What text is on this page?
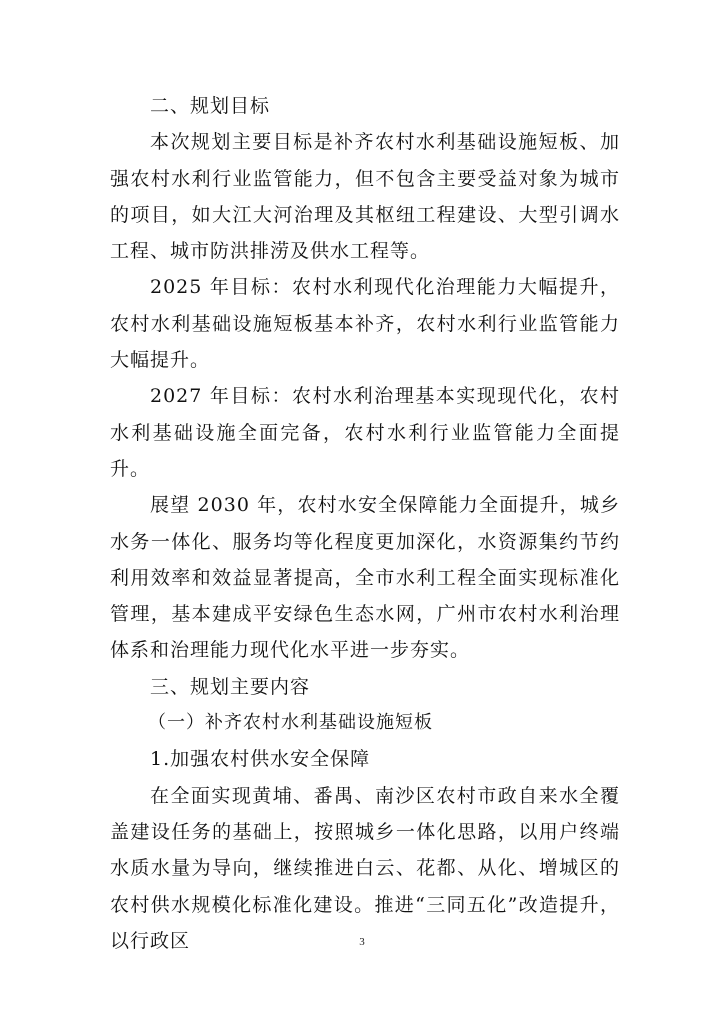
二、规划目标

本次规划主要目标是补齐农村水利基础设施短板、加强农村水利行业监管能力，但不包含主要受益对象为城市的项目，如大江大河治理及其枢纽工程建设、大型引调水工程、城市防洪排涝及供水工程等。

2025 年目标：农村水利现代化治理能力大幅提升，农村水利基础设施短板基本补齐，农村水利行业监管能力大幅提升。

2027 年目标：农村水利治理基本实现现代化，农村水利基础设施全面完备，农村水利行业监管能力全面提升。

展望 2030 年，农村水安全保障能力全面提升，城乡水务一体化、服务均等化程度更加深化，水资源集约节约利用效率和效益显著提高，全市水利工程全面实现标准化管理，基本建成平安绿色生态水网，广州市农村水利治理体系和治理能力现代化水平进一步夯实。

三、规划主要内容

（一）补齐农村水利基础设施短板

1.加强农村供水安全保障

在全面实现黄埔、番禺、南沙区农村市政自来水全覆盖建设任务的基础上，按照城乡一体化思路，以用户终端水质水量为导向，继续推进白云、花都、从化、增城区的农村供水规模化标准化建设。推进“三同五化”改造提升，以行政区	3
